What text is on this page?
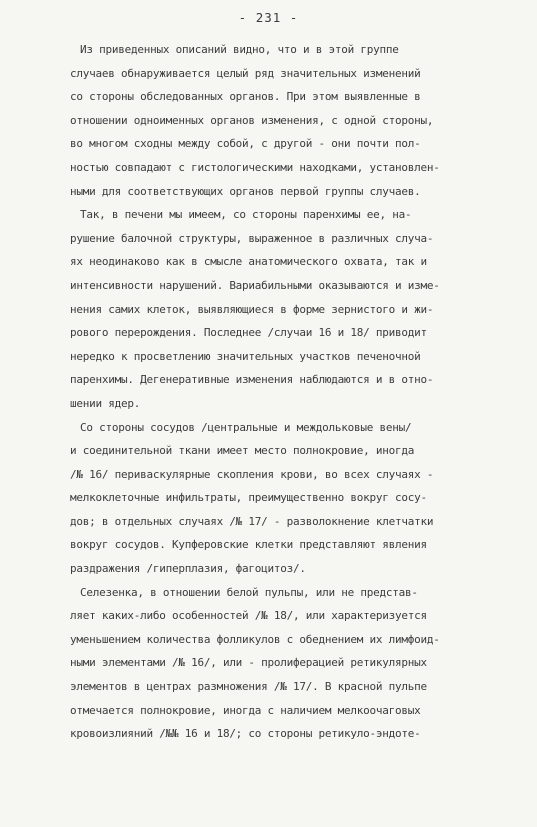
- 231 -
Из приведенных описаний видно, что и в этой группе
случаев обнаруживается целый ряд значительных изменений
со стороны обследованных органов. При этом выявленные в
отношении одноименных органов изменения, с одной стороны,
во многом сходны между собой, с другой - они почти пол-
ностью совпадают с гистологическими находками, установлен-
ными для соответствующих органов первой группы случаев.
Так, в печени мы имеем, со стороны паренхимы ее, на-
рушение балочной структуры, выраженное в различных случа-
ях неодинаково как в смысле анатомического охвата, так и
интенсивности нарушений. Вариабильными оказываются и изме-
нения самих клеток, выявляющиеся в форме зернистого и жи-
рового перерождения. Последнее /случаи 16 и 18/ приводит
нередко к просветлению значительных участков печеночной
паренхимы. Дегенеративные изменения наблюдаются и в отно-
шении ядер.
Со стороны сосудов /центральные и междольковые вены/
и соединительной ткани имеет место полнокровие, иногда
/№ 16/ периваскулярные скопления крови, во всех случаях -
мелкоклеточные инфильтраты, преимущественно вокруг сосу-
дов; в отдельных случаях /№ 17/ - разволокнение клетчатки
вокруг сосудов. Купферовские клетки представляют явления
раздражения /гиперплазия, фагоцитоз/.
Селезенка, в отношении белой пульпы, или не представ-
ляет каких-либо особенностей /№ 18/, или характеризуется
уменьшением количества фолликулов с обеднением их лимфоид-
ными элементами /№ 16/, или - пролиферацией ретикулярных
элементов в центрах размножения /№ 17/. В красной пульпе
отмечается полнокровие, иногда с наличием мелкоочаговых
кровоизлияний /№№ 16 и 18/; со стороны ретикуло-эндоте-
